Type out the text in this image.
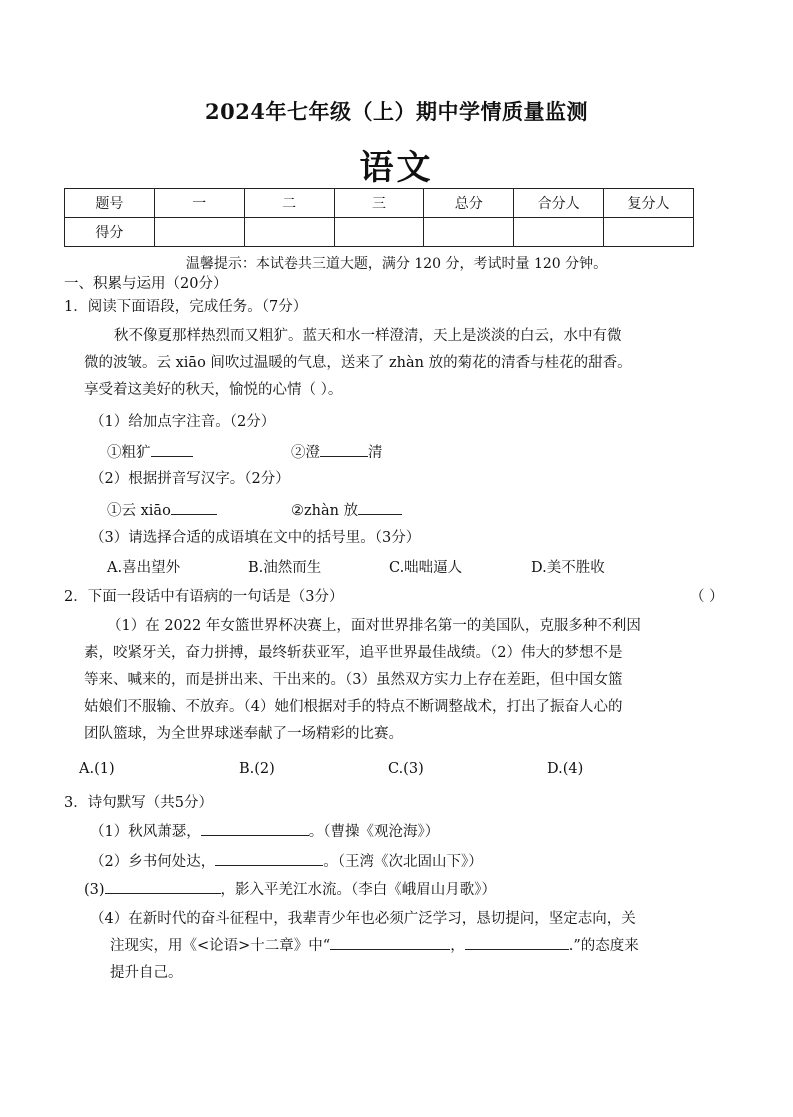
2024年七年级（上）期中学情质量监测
语文
题号	一	二	三	总分	合分人	复分人
得分						
温馨提示：本试卷共三道大题，满分 120 分，考试时量 120 分钟。
一、积累与运用（20分）
1．阅读下面语段，完成任务。（7分）
秋不像夏那样热烈而又粗犷。蓝天和水一样澄清，天上是淡淡的白云，水中有微
微的波皱。云 xiāo 间吹过温暖的气息，送来了 zhàn 放的菊花的清香与桂花的甜香。
享受着这美好的秋天，愉悦的心情（ ）。
（1）给加点字注音。（2分）
①粗犷	②澄	清
（2）根据拼音写汉字。（2分）
①云 xiāo	②zhàn 放
（3）请选择合适的成语填在文中的括号里。（3分）
A.喜出望外	B.油然而生	C.咄咄逼人	D.美不胜收
2．下面一段话中有语病的一句话是（3分）	（ ）
（1）在 2022 年女篮世界杯决赛上，面对世界排名第一的美国队，克服多种不利因
素，咬紧牙关，奋力拼搏，最终斩获亚军，追平世界最佳战绩。（2）伟大的梦想不是
等来、喊来的，而是拼出来、干出来的。（3）虽然双方实力上存在差距，但中国女篮
姑娘们不服输、不放弃。（4）她们根据对手的特点不断调整战术，打出了振奋人心的
团队篮球，为全世界球迷奉献了一场精彩的比赛。
A.(1)	B.(2)	C.(3)	D.(4)
3．诗句默写（共5分）
（1）秋风萧瑟，	。（曹操《观沧海》）
（2）乡书何处达，	。（王湾《次北固山下》）
(3)	，影入平羌江水流。（李白《峨眉山月歌》）
（4）在新时代的奋斗征程中，我辈青少年也必须广泛学习，恳切提问，坚定志向，关
注现实，用《<论语>十二章》中“	，	.”的态度来
提升自己。
